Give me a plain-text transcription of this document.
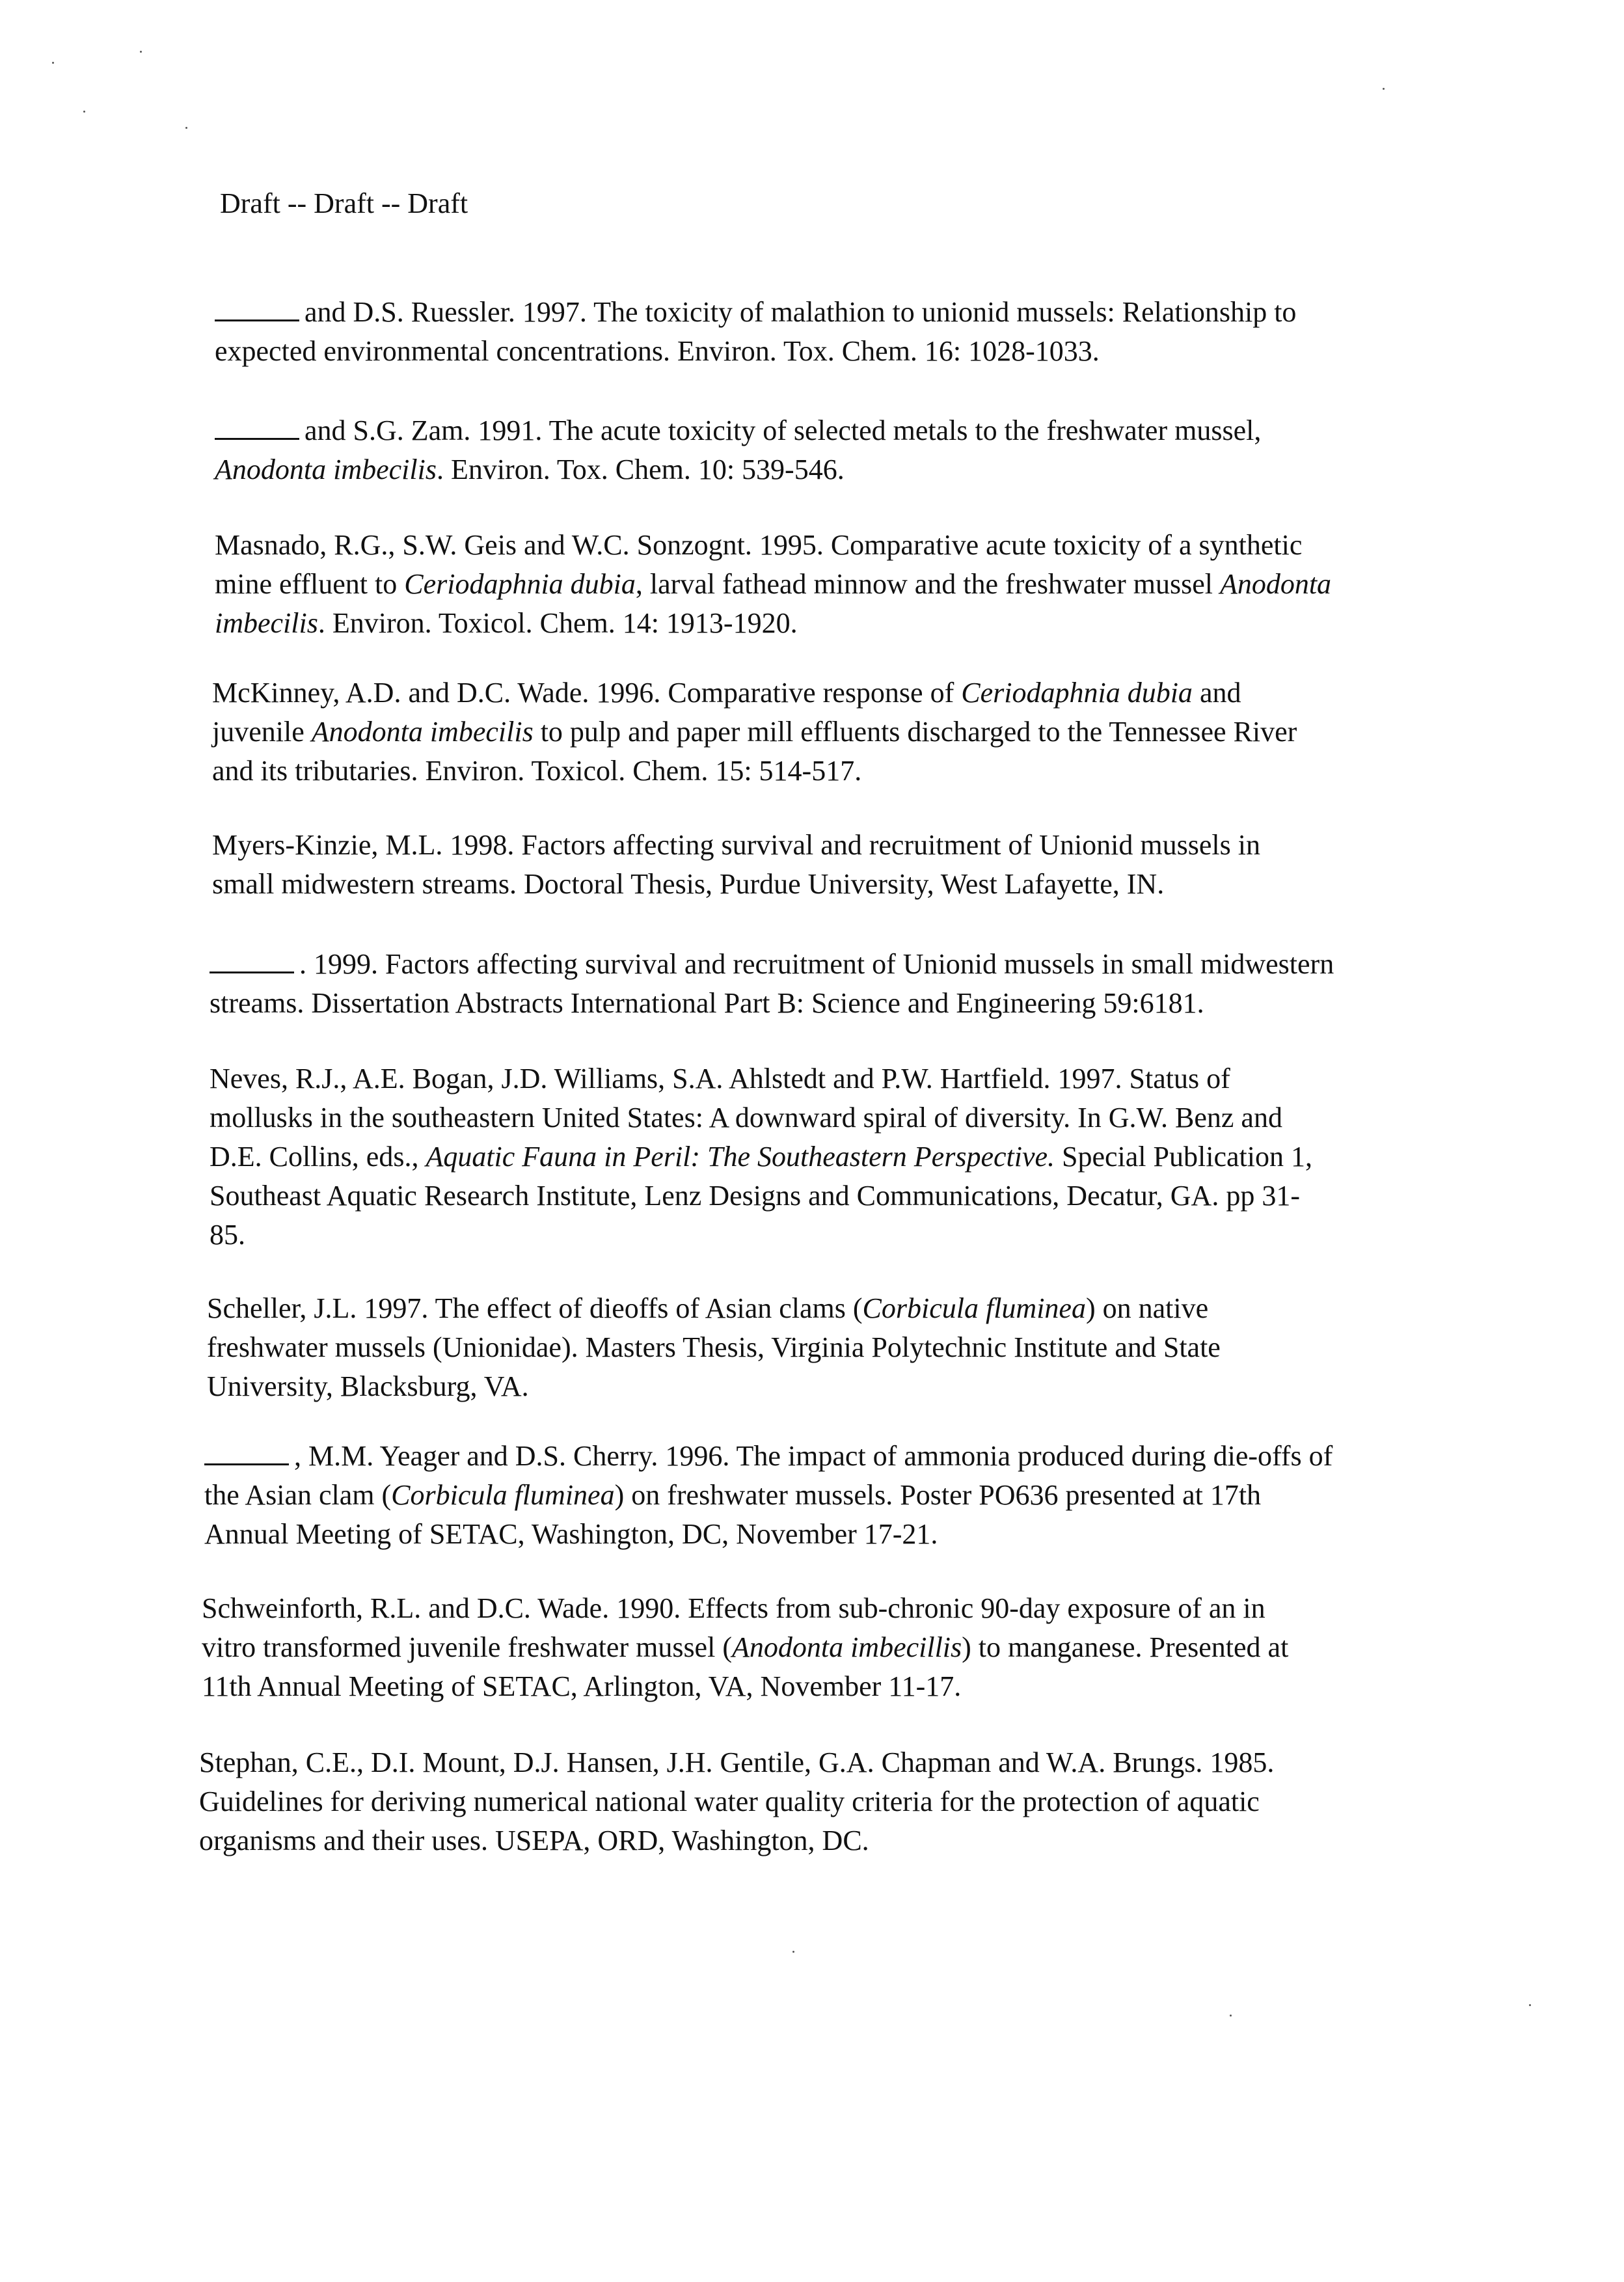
Draft -- Draft -- Draft
and D.S. Ruessler. 1997. The toxicity of malathion to unionid mussels: Relationship to
expected environmental concentrations. Environ. Tox. Chem. 16: 1028-1033.
and S.G. Zam. 1991. The acute toxicity of selected metals to the freshwater mussel,
Anodonta imbecilis. Environ. Tox. Chem. 10: 539-546.
Masnado, R.G., S.W. Geis and W.C. Sonzognt. 1995. Comparative acute toxicity of a synthetic
mine effluent to Ceriodaphnia dubia, larval fathead minnow and the freshwater mussel Anodonta
imbecilis. Environ. Toxicol. Chem. 14: 1913-1920.
McKinney, A.D. and D.C. Wade. 1996. Comparative response of Ceriodaphnia dubia and
juvenile Anodonta imbecilis to pulp and paper mill effluents discharged to the Tennessee River
and its tributaries. Environ. Toxicol. Chem. 15: 514-517.
Myers-Kinzie, M.L. 1998. Factors affecting survival and recruitment of Unionid mussels in
small midwestern streams. Doctoral Thesis, Purdue University, West Lafayette, IN.
. 1999. Factors affecting survival and recruitment of Unionid mussels in small midwestern
streams. Dissertation Abstracts International Part B: Science and Engineering 59:6181.
Neves, R.J., A.E. Bogan, J.D. Williams, S.A. Ahlstedt and P.W. Hartfield. 1997. Status of
mollusks in the southeastern United States: A downward spiral of diversity. In G.W. Benz and
D.E. Collins, eds., Aquatic Fauna in Peril: The Southeastern Perspective. Special Publication 1,
Southeast Aquatic Research Institute, Lenz Designs and Communications, Decatur, GA. pp 31-
85.
Scheller, J.L. 1997. The effect of dieoffs of Asian clams (Corbicula fluminea) on native
freshwater mussels (Unionidae). Masters Thesis, Virginia Polytechnic Institute and State
University, Blacksburg, VA.
, M.M. Yeager and D.S. Cherry. 1996. The impact of ammonia produced during die-offs of
the Asian clam (Corbicula fluminea) on freshwater mussels. Poster PO636 presented at 17th
Annual Meeting of SETAC, Washington, DC, November 17-21.
Schweinforth, R.L. and D.C. Wade. 1990. Effects from sub-chronic 90-day exposure of an in
vitro transformed juvenile freshwater mussel (Anodonta imbecillis) to manganese. Presented at
11th Annual Meeting of SETAC, Arlington, VA, November 11-17.
Stephan, C.E., D.I. Mount, D.J. Hansen, J.H. Gentile, G.A. Chapman and W.A. Brungs. 1985.
Guidelines for deriving numerical national water quality criteria for the protection of aquatic
organisms and their uses. USEPA, ORD, Washington, DC.
